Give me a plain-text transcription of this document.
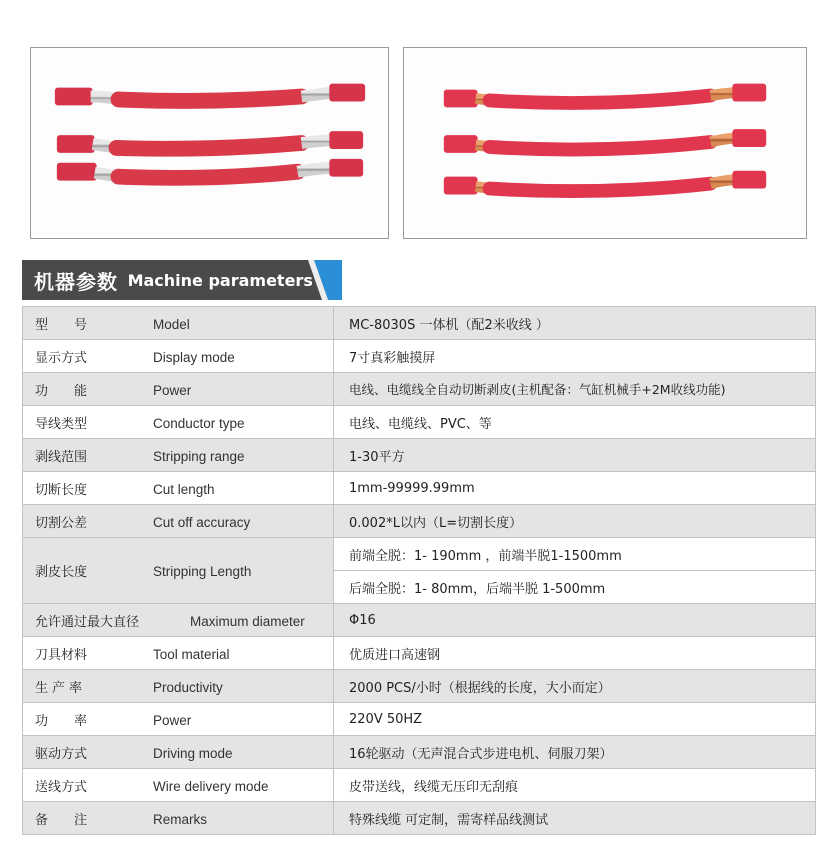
机器参数 Machine parameters
型号 Model	MC-8030S 一体机（配2米收线 ）
显示方式 Display mode	7寸真彩触摸屏
功能 Power	电线、电缆线全自动切断剥皮(主机配备：气缸机械手+2M收线功能)
导线类型 Conductor type	电线、电缆线、PVC、等
剥线范围 Stripping range	1-30平方
切断长度 Cut length	1mm-99999.99mm
切割公差 Cut off accuracy	0.002*L以内（L=切割长度）
剥皮长度 Stripping Length	前端全脱：1- 190mm ，前端半脱1-1500mm
	后端全脱：1- 80mm，后端半脱 1-500mm
允许通过最大直径 Maximum diameter	Φ16
刀具材料 Tool material	优质进口高速钢
生产率 Productivity	2000 PCS/小时（根据线的长度，大小而定）
功率 Power	220V 50HZ
驱动方式 Driving mode	16轮驱动（无声混合式步进电机、伺服刀架）
送线方式 Wire delivery mode	皮带送线，线缆无压印无刮痕
备注 Remarks	特殊线缆 可定制，需寄样品线测试
